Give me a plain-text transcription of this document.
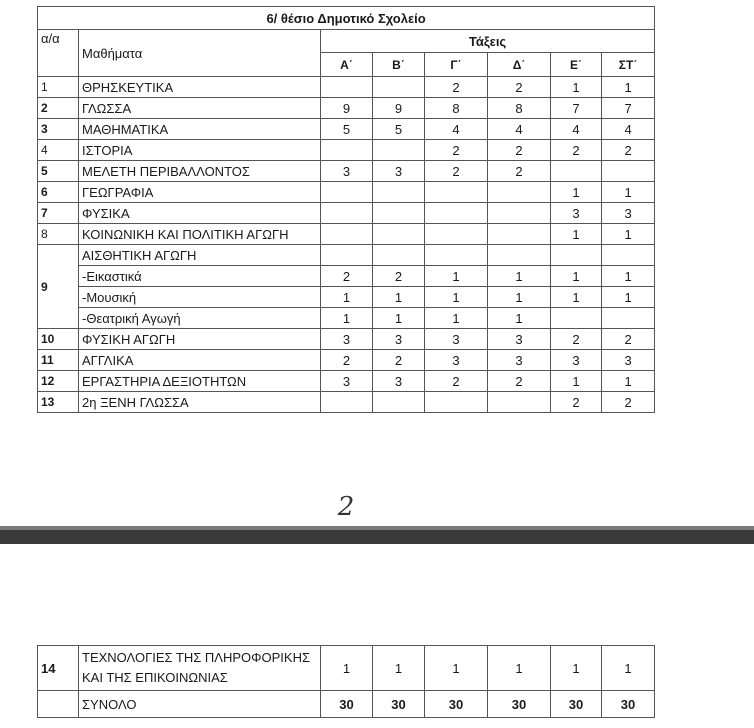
6/ θέσιο Δημοτικό Σχολείο							
α/α	Μαθήματα	Τάξεις					
		Α΄	Β΄	Γ΄	Δ΄	Ε΄	ΣΤ΄
1	ΘΡΗΣΚΕΥΤΙΚΑ			2	2	1	1
2	ΓΛΩΣΣΑ	9	9	8	8	7	7
3	ΜΑΘΗΜΑΤΙΚΑ	5	5	4	4	4	4
4	ΙΣΤΟΡΙΑ			2	2	2	2
5	ΜΕΛΕΤΗ ΠΕΡΙΒΑΛΛΟΝΤΟΣ	3	3	2	2		
6	ΓΕΩΓΡΑΦΙΑ					1	1
7	ΦΥΣΙΚΑ					3	3
8	ΚΟΙΝΩΝΙΚΗ ΚΑΙ ΠΟΛΙΤΙΚΗ ΑΓΩΓΗ					1	1
9	ΑΙΣΘΗΤΙΚΗ ΑΓΩΓΗ						
	-Εικαστικά	2	2	1	1	1	1
	-Μουσική	1	1	1	1	1	1
	-Θεατρική Αγωγή	1	1	1	1		
10	ΦΥΣΙΚΗ ΑΓΩΓΗ	3	3	3	3	2	2
11	ΑΓΓΛΙΚΑ	2	2	3	3	3	3
12	ΕΡΓΑΣΤΗΡΙΑ ΔΕΞΙΟΤΗΤΩΝ	3	3	2	2	1	1
13	2η ΞΕΝΗ ΓΛΩΣΣΑ					2	2
2
14	ΤΕΧΝΟΛΟΓΙΕΣ ΤΗΣ ΠΛΗΡΟΦΟΡΙΚΗΣ
ΚΑΙ ΤΗΣ ΕΠΙΚΟΙΝΩΝΙΑΣ	1	1	1	1	1	1
	ΣΥΝΟΛΟ	30	30	30	30	30	30
